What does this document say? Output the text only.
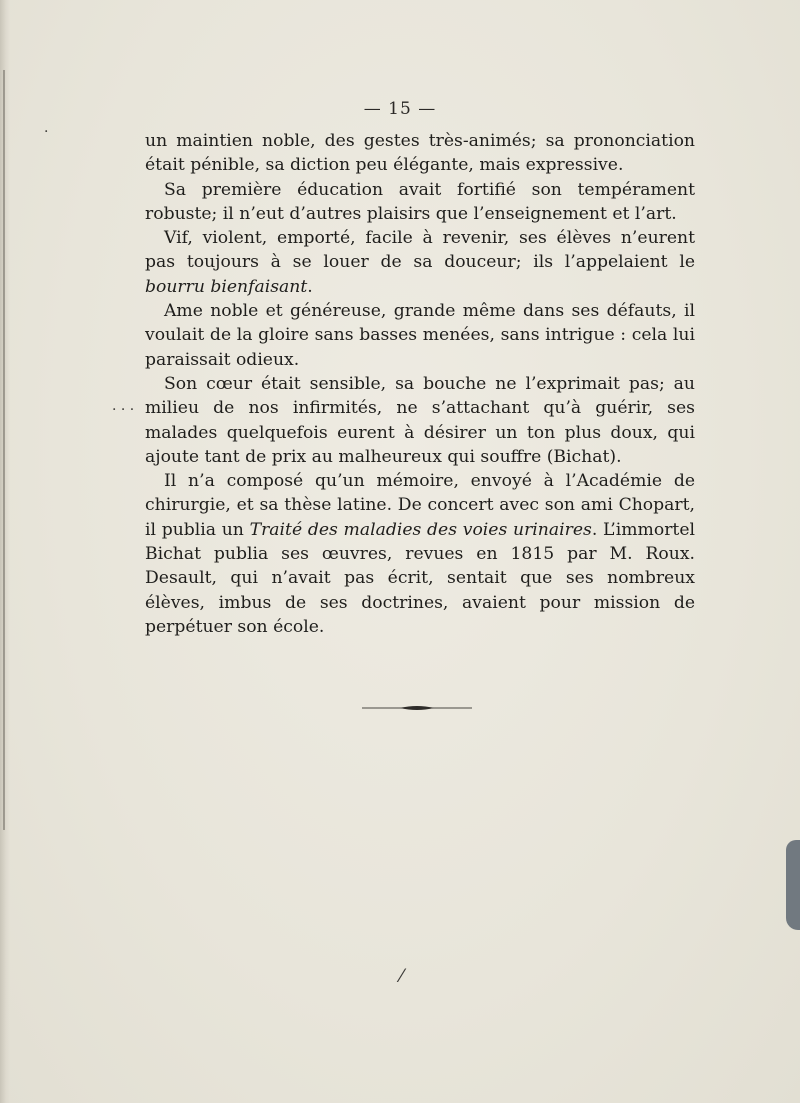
— 15 —

un maintien noble, des gestes très-animés; sa prononciation était pénible, sa diction peu élégante, mais expressive.

Sa première éducation avait fortifié son tempérament robuste; il n’eut d’autres plaisirs que l’enseignement et l’art.

Vif, violent, emporté, facile à revenir, ses élèves n’eurent pas toujours à se louer de sa douceur; ils l’appelaient le bourru bienfaisant.

Ame noble et généreuse, grande même dans ses défauts, il voulait de la gloire sans basses menées, sans intrigue : cela lui paraissait odieux.

Son cœur était sensible, sa bouche ne l’exprimait pas; au milieu de nos infirmités, ne s’attachant qu’à guérir, ses malades quelquefois eurent à désirer un ton plus doux, qui ajoute tant de prix au malheureux qui souffre (Bichat).

Il n’a composé qu’un mémoire, envoyé à l’Académie de chirurgie, et sa thèse latine. De concert avec son ami Chopart, il publia un Traité des maladies des voies urinaires. L’immortel Bichat publia ses œuvres, revues en 1815 par M. Roux. Desault, qui n’avait pas écrit, sentait que ses nombreux élèves, imbus de ses doctrines, avaient pour mission de perpétuer son école.

· · ·
·
⁄
